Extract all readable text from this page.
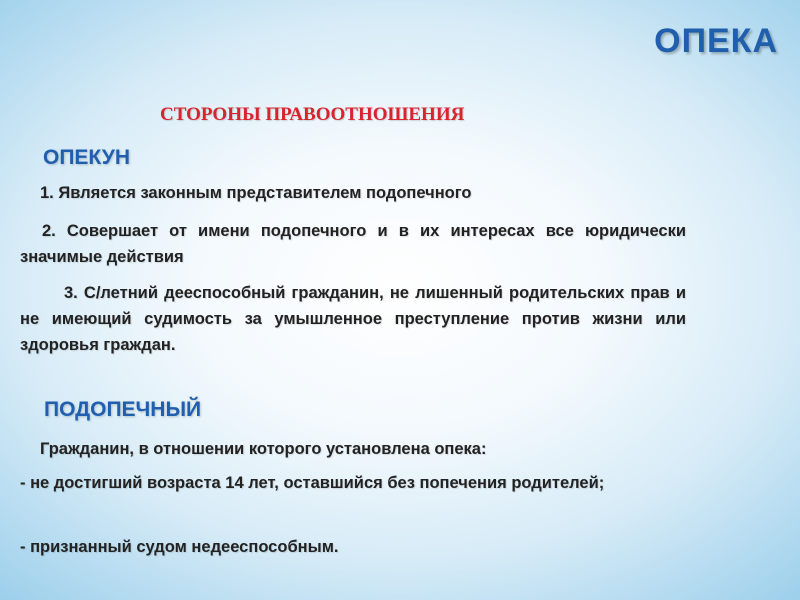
ОПЕКА
СТОРОНЫ ПРАВООТНОШЕНИЯ
ОПЕКУН
1. Является законным представителем подопечного
2. Совершает от имени подопечного и в их интересах все юридически значимые действия
3. С/летний дееспособный гражданин, не лишенный родительских прав и не имеющий судимость за умышленное преступление против жизни или здоровья граждан.
ПОДОПЕЧНЫЙ
Гражданин, в отношении которого установлена опека:
- не достигший возраста 14 лет, оставшийся без попечения родителей;
- признанный судом недееспособным.
